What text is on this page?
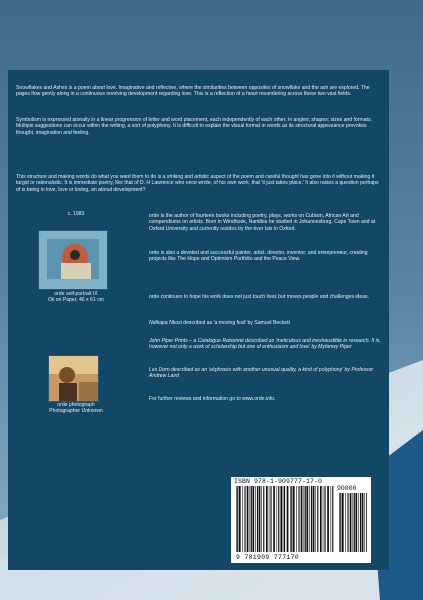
Snowflakes and Ashes is a poem about love. Imaginative and reflective, where the similarities between opposites of snowflake and the ash are explored. The pages flow gently along in a continuous revolving development regarding love. This is a reflection of a heart meandering across these two vast fields.
Symbolism is expressed atonally in a linear progression of letter and word placement, each independently of each other; in angles; shapes; sizes and formats. Multiple suggestions can occur within the writing, a sort of polyphony. It is difficult to explain the visual format in words as its structural appearance provokes thought, imagination and feeling.
This structure and making words do what you want them to do is a striking and artistic aspect of the poem and careful thought has gone into it without making it turgid or rationalistic. It is immediate poetry, like that of D. H Lawrence who once wrote, of his own work, that 'it just takes place.' It also raises a question perhaps of is being in love, love or loving, an atonal development?
c. 1983
orde self-portrait IX
Oil on Paper, 46 x 61 cm
orde photograph
Photographer Unknown
orde is the author of fourteen books including poetry, plays, works on Cubism, African Art and compendiums on artists. Born in Windhoek, Namibia he studied in Johannesburg, Cape Town and at Oxford University and currently resides by the river Isis in Oxford.
orde is also a devoted and successful painter, artist, director, inventor; and entrepreneur, creating projects like The Hope and Optimism Portfolio and the Peace View.
orde continues to hope his work does not just touch lives but moves people and challenges ideas.
Ndikapa Nkosi described as 'a moving feat' by Samuel Beckett
John Piper Prints – a Catalogue Raisonné described as 'meticulous and inexhaustible in research. It is, however not only a work of scholarship but one of enthusiasm and love' by Myfanwy Piper
Les Dorn described as an 'ekphrasis with another unusual quality, a kind of polyphony' by Professor Andrew Laird
For further reviews and information go to www.orde.info.
ISBN 978-1-909777-17-0
90000
9 781909 777170
